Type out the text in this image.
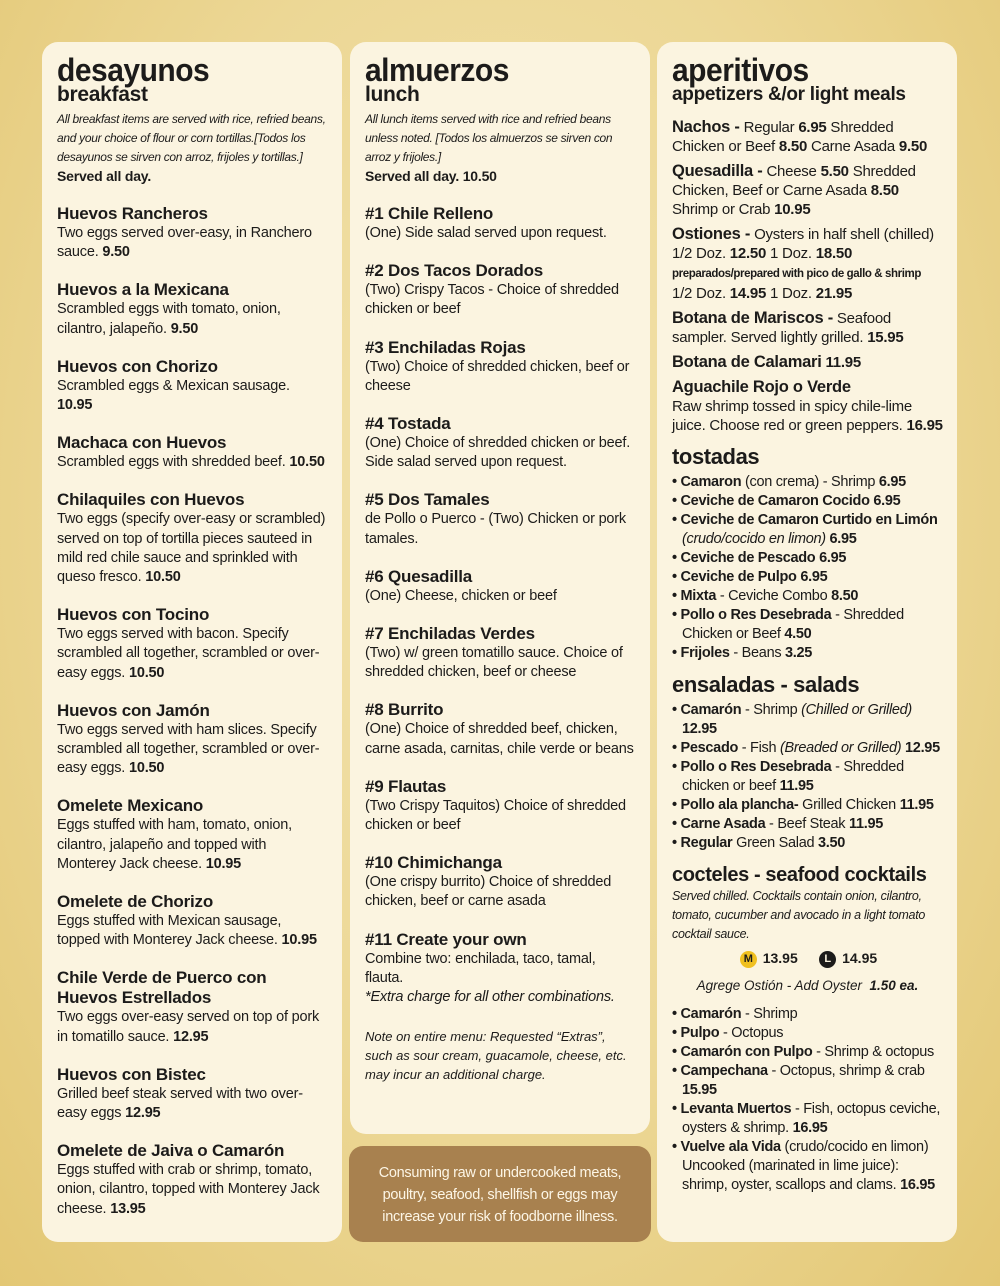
desayunos
breakfast
All breakfast items are served with rice, refried beans, and your choice of flour or corn tortillas.[Todos los desayunos se sirven con arroz, frijoles y tortillas.]
Served all day.
Huevos Rancheros
Two eggs served over-easy, in Ranchero sauce. 9.50
Huevos a la Mexicana
Scrambled eggs with tomato, onion, cilantro, jalapeño. 9.50
Huevos con Chorizo
Scrambled eggs & Mexican sausage. 10.95
Machaca con Huevos
Scrambled eggs with shredded beef. 10.50
Chilaquiles con Huevos
Two eggs (specify over-easy or scrambled) served on top of tortilla pieces sauteed in mild red chile sauce and sprinkled with queso fresco. 10.50
Huevos con Tocino
Two eggs served with bacon. Specify scrambled all together, scrambled or over-easy eggs. 10.50
Huevos con Jamón
Two eggs served with ham slices. Specify scrambled all together, scrambled or over-easy eggs. 10.50
Omelete Mexicano
Eggs stuffed with ham, tomato, onion, cilantro, jalapeño and topped with Monterey Jack cheese. 10.95
Omelete de Chorizo
Eggs stuffed with Mexican sausage, topped with Monterey Jack cheese. 10.95
Chile Verde de Puerco con Huevos Estrellados
Two eggs over-easy served on top of pork in tomatillo sauce. 12.95
Huevos con Bistec
Grilled beef steak served with two over-easy eggs 12.95
Omelete de Jaiva o Camarón
Eggs stuffed with crab or shrimp, tomato, onion, cilantro, topped with Monterey Jack cheese. 13.95
almuerzos
lunch
All lunch items served with rice and refried beans unless noted. [Todos los almuerzos se sirven con arroz y frijoles.]
Served all day. 10.50
#1 Chile Relleno
(One) Side salad served upon request.
#2 Dos Tacos Dorados
(Two) Crispy Tacos - Choice of shredded chicken or beef
#3 Enchiladas Rojas
(Two) Choice of shredded chicken, beef or cheese
#4 Tostada
(One) Choice of shredded chicken or beef. Side salad served upon request.
#5 Dos Tamales
de Pollo o Puerco - (Two) Chicken or pork tamales.
#6 Quesadilla
(One) Cheese, chicken or beef
#7 Enchiladas Verdes
(Two) w/ green tomatillo sauce. Choice of shredded chicken, beef or cheese
#8 Burrito
(One) Choice of shredded beef, chicken, carne asada, carnitas, chile verde or beans
#9 Flautas
(Two Crispy Taquitos) Choice of shredded chicken or beef
#10 Chimichanga
(One crispy burrito) Choice of shredded chicken, beef or carne asada
#11 Create your own
Combine two: enchilada, taco, tamal, flauta.
*Extra charge for all other combinations.
Note on entire menu: Requested “Extras”, such as sour cream, guacamole, cheese, etc. may incur an additional charge.
Consuming raw or undercooked meats, poultry, seafood, shellfish or eggs may increase your risk of foodborne illness.
aperitivos
appetizers &/or light meals
Nachos - Regular 6.95 Shredded Chicken or Beef 8.50 Carne Asada 9.50
Quesadilla - Cheese 5.50 Shredded Chicken, Beef or Carne Asada 8.50 Shrimp or Crab 10.95
Ostiones - Oysters in half shell (chilled)
1/2 Doz. 12.50 1 Doz. 18.50
preparados/prepared with pico de gallo & shrimp
1/2 Doz. 14.95 1 Doz. 21.95
Botana de Mariscos - Seafood sampler. Served lightly grilled. 15.95
Botana de Calamari 11.95
Aguachile Rojo o Verde
Raw shrimp tossed in spicy chile-lime juice. Choose red or green peppers. 16.95
tostadas
• Camaron (con crema) - Shrimp 6.95
• Ceviche de Camaron Cocido 6.95
• Ceviche de Camaron Curtido en Limón (crudo/cocido en limon) 6.95
• Ceviche de Pescado 6.95
• Ceviche de Pulpo 6.95
• Mixta - Ceviche Combo 8.50
• Pollo o Res Desebrada - Shredded Chicken or Beef 4.50
• Frijoles - Beans 3.25
ensaladas - salads
• Camarón - Shrimp (Chilled or Grilled) 12.95
• Pescado - Fish (Breaded or Grilled) 12.95
• Pollo o Res Desebrada - Shredded chicken or beef 11.95
• Pollo ala plancha- Grilled Chicken 11.95
• Carne Asada - Beef Steak 11.95
• Regular Green Salad 3.50
cocteles - seafood cocktails
Served chilled. Cocktails contain onion, cilantro, tomato, cucumber and avocado in a light tomato cocktail sauce.
M 13.95 L 14.95
Agrege Ostión - Add Oyster 1.50 ea.
• Camarón - Shrimp
• Pulpo - Octopus
• Camarón con Pulpo - Shrimp & octopus
• Campechana - Octopus, shrimp & crab 15.95
• Levanta Muertos - Fish, octopus ceviche, oysters & shrimp. 16.95
• Vuelve ala Vida (crudo/cocido en limon) Uncooked (marinated in lime juice): shrimp, oyster, scallops and clams. 16.95
